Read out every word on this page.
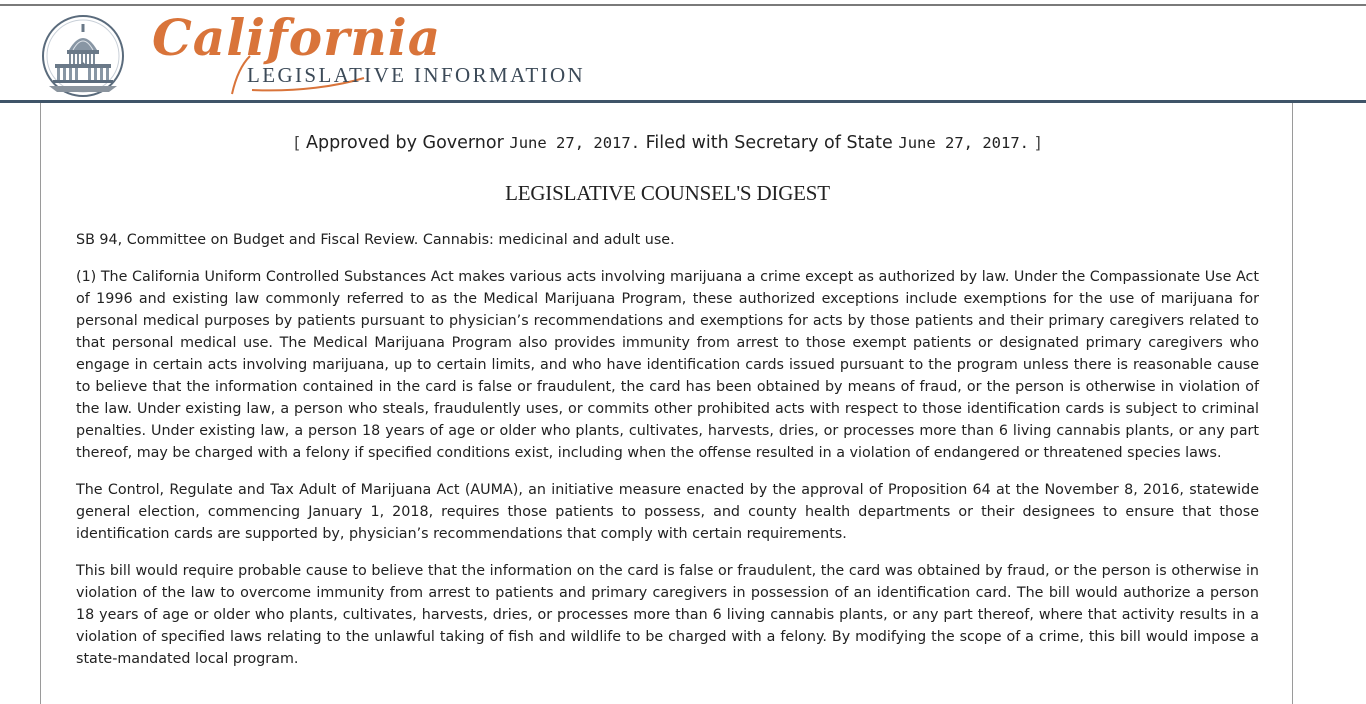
California
LEGISLATIVE INFORMATION
[ Approved by Governor June 27, 2017. Filed with Secretary of State June 27, 2017. ]
LEGISLATIVE COUNSEL'S DIGEST

SB 94, Committee on Budget and Fiscal Review. Cannabis: medicinal and adult use.

(1) The California Uniform Controlled Substances Act makes various acts involving marijuana a crime except as authorized by law. Under the Compassionate Use Act of 1996 and existing law commonly referred to as the Medical Marijuana Program, these authorized exceptions include exemptions for the use of marijuana for personal medical purposes by patients pursuant to physician’s recommendations and exemptions for acts by those patients and their primary caregivers related to that personal medical use. The Medical Marijuana Program also provides immunity from arrest to those exempt patients or designated primary caregivers who engage in certain acts involving marijuana, up to certain limits, and who have identification cards issued pursuant to the program unless there is reasonable cause to believe that the information contained in the card is false or fraudulent, the card has been obtained by means of fraud, or the person is otherwise in violation of the law. Under existing law, a person who steals, fraudulently uses, or commits other prohibited acts with respect to those identification cards is subject to criminal penalties. Under existing law, a person 18 years of age or older who plants, cultivates, harvests, dries, or processes more than 6 living cannabis plants, or any part thereof, may be charged with a felony if specified conditions exist, including when the offense resulted in a violation of endangered or threatened species laws.

The Control, Regulate and Tax Adult of Marijuana Act (AUMA), an initiative measure enacted by the approval of Proposition 64 at the November 8, 2016, statewide general election, commencing January 1, 2018, requires those patients to possess, and county health departments or their designees to ensure that those identification cards are supported by, physician’s recommendations that comply with certain requirements.

This bill would require probable cause to believe that the information on the card is false or fraudulent, the card was obtained by fraud, or the person is otherwise in violation of the law to overcome immunity from arrest to patients and primary caregivers in possession of an identification card. The bill would authorize a person 18 years of age or older who plants, cultivates, harvests, dries, or processes more than 6 living cannabis plants, or any part thereof, where that activity results in a violation of specified laws relating to the unlawful taking of fish and wildlife to be charged with a felony. By modifying the scope of a crime, this bill would impose a state-mandated local program.
